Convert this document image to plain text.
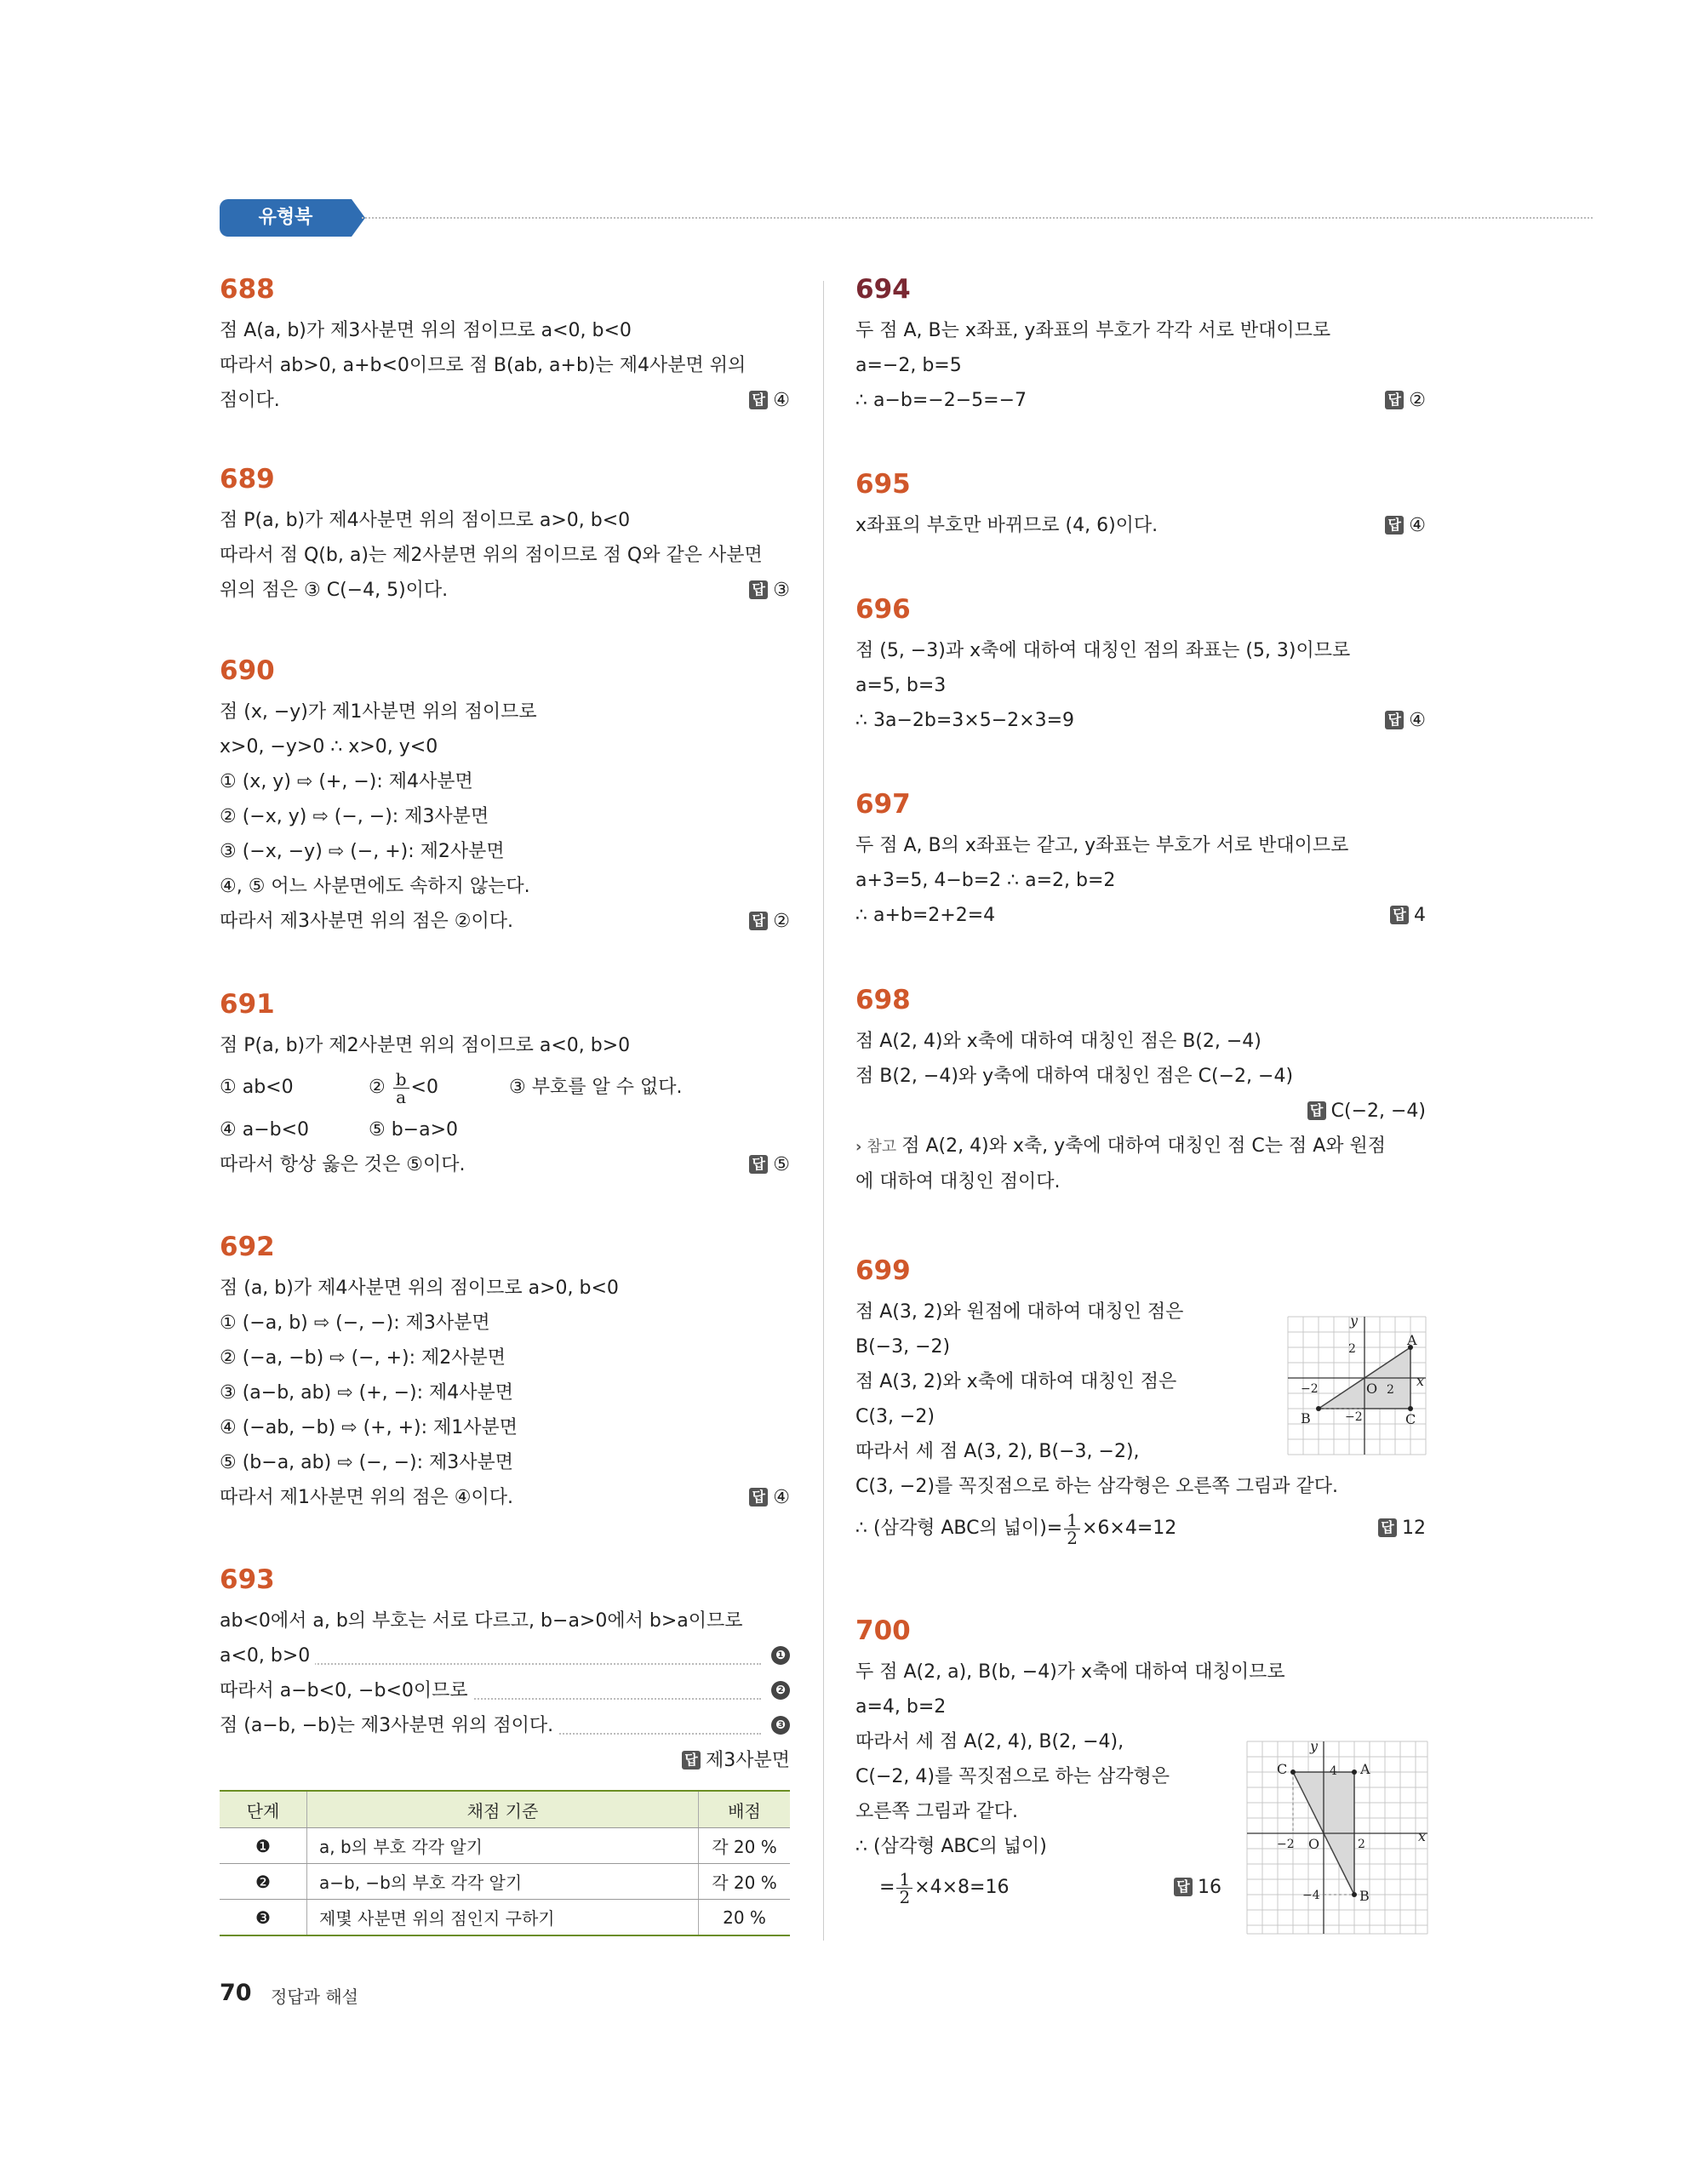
유형북
688
점 A(a, b)가 제3사분면 위의 점이므로 a<0, b<0
따라서 ab>0, a+b<0이므로 점 B(ab, a+b)는 제4사분면 위의
점이다.	답 ④
689
점 P(a, b)가 제4사분면 위의 점이므로 a>0, b<0
따라서 점 Q(b, a)는 제2사분면 위의 점이므로 점 Q와 같은 사분면
위의 점은 ③ C(−4, 5)이다.	답 ③
690
점 (x, −y)가 제1사분면 위의 점이므로
x>0, −y>0 ∴ x>0, y<0
① (x, y) ⇨ (+, −): 제4사분면
② (−x, y) ⇨ (−, −): 제3사분면
③ (−x, −y) ⇨ (−, +): 제2사분면
④, ⑤ 어느 사분면에도 속하지 않는다.
따라서 제3사분면 위의 점은 ②이다.	답 ②
691
점 P(a, b)가 제2사분면 위의 점이므로 a<0, b>0
① ab<0	② $\frac{b}{a} <0$	③ 부호를 알 수 없다.
④ a−b<0	⑤ b−a>0

따라서 항상 옳은 것은 ⑤이다.	답 ⑤
692
점 (a, b)가 제4사분면 위의 점이므로 a>0, b<0
① (−a, b) ⇨ (−, −): 제3사분면
② (−a, −b) ⇨ (−, +): 제2사분면
③ (a−b, ab) ⇨ (+, −): 제4사분면
④ (−ab, −b) ⇨ (+, +): 제1사분면
⑤ (b−a, ab) ⇨ (−, −): 제3사분면
따라서 제1사분면 위의 점은 ④이다.	답 ④
693
ab<0에서 a, b의 부호는 서로 다르고, b−a>0에서 b>a이므로
a<0, b>0	❶
따라서 a−b<0, −b<0이므로	❷
점 (a−b, −b)는 제3사분면 위의 점이다.	❸
답 제3사분면
단계	채점 기준	배점
❶	a, b의 부호 각각 알기	각 20 %
❷	a−b, −b의 부호 각각 알기	각 20 %
❸	제몇 사분면 위의 점인지 구하기	20 %
694
두 점 A, B는 x좌표, y좌표의 부호가 각각 서로 반대이므로
a=−2, b=5
∴ a−b=−2−5=−7	답 ②
695
x좌표의 부호만 바뀌므로 (4, 6)이다.	답 ④
696
점 (5, −3)과 x축에 대하여 대칭인 점의 좌표는 (5, 3)이므로
a=5, b=3
∴ 3a−2b=3×5−2×3=9	답 ④
697
두 점 A, B의 x좌표는 같고, y좌표는 부호가 서로 반대이므로
a+3=5, 4−b=2 ∴ a=2, b=2
∴ a+b=2+2=4	답 4
698
점 A(2, 4)와 x축에 대하여 대칭인 점은 B(2, −4)
점 B(2, −4)와 y축에 대하여 대칭인 점은 C(−2, −4)
답 C(−2, −4)
› 참고 점 A(2, 4)와 x축, y축에 대하여 대칭인 점 C는 점 A와 원점
에 대하여 대칭인 점이다.
699
점 A(3, 2)와 원점에 대하여 대칭인 점은
B(−3, −2)
점 A(3, 2)와 x축에 대하여 대칭인 점은
C(3, −2)
따라서 세 점 A(3, 2), B(−3, −2),
C(3, −2)를 꼭짓점으로 하는 삼각형은 오른쪽 그림과 같다.
∴ (삼각형 ABC의 넓이)= $\frac{1}{2} \times 6\times 4=12$	답 12
y
x
O
A
B	C
2
−2
−2
2
700
두 점 A(2, a), B(b, −4)가 x축에 대하여 대칭이므로
a=4, b=2
따라서 세 점 A(2, 4), B(2, −4),
C(−2, 4)를 꼭짓점으로 하는 삼각형은
오른쪽 그림과 같다.
∴ (삼각형 ABC의 넓이)
= $\frac{1}{2} \times 4\times 8=16$	답 16
y
x
O
A
B
C	4
−2	2
−4
70 정답과 해설
